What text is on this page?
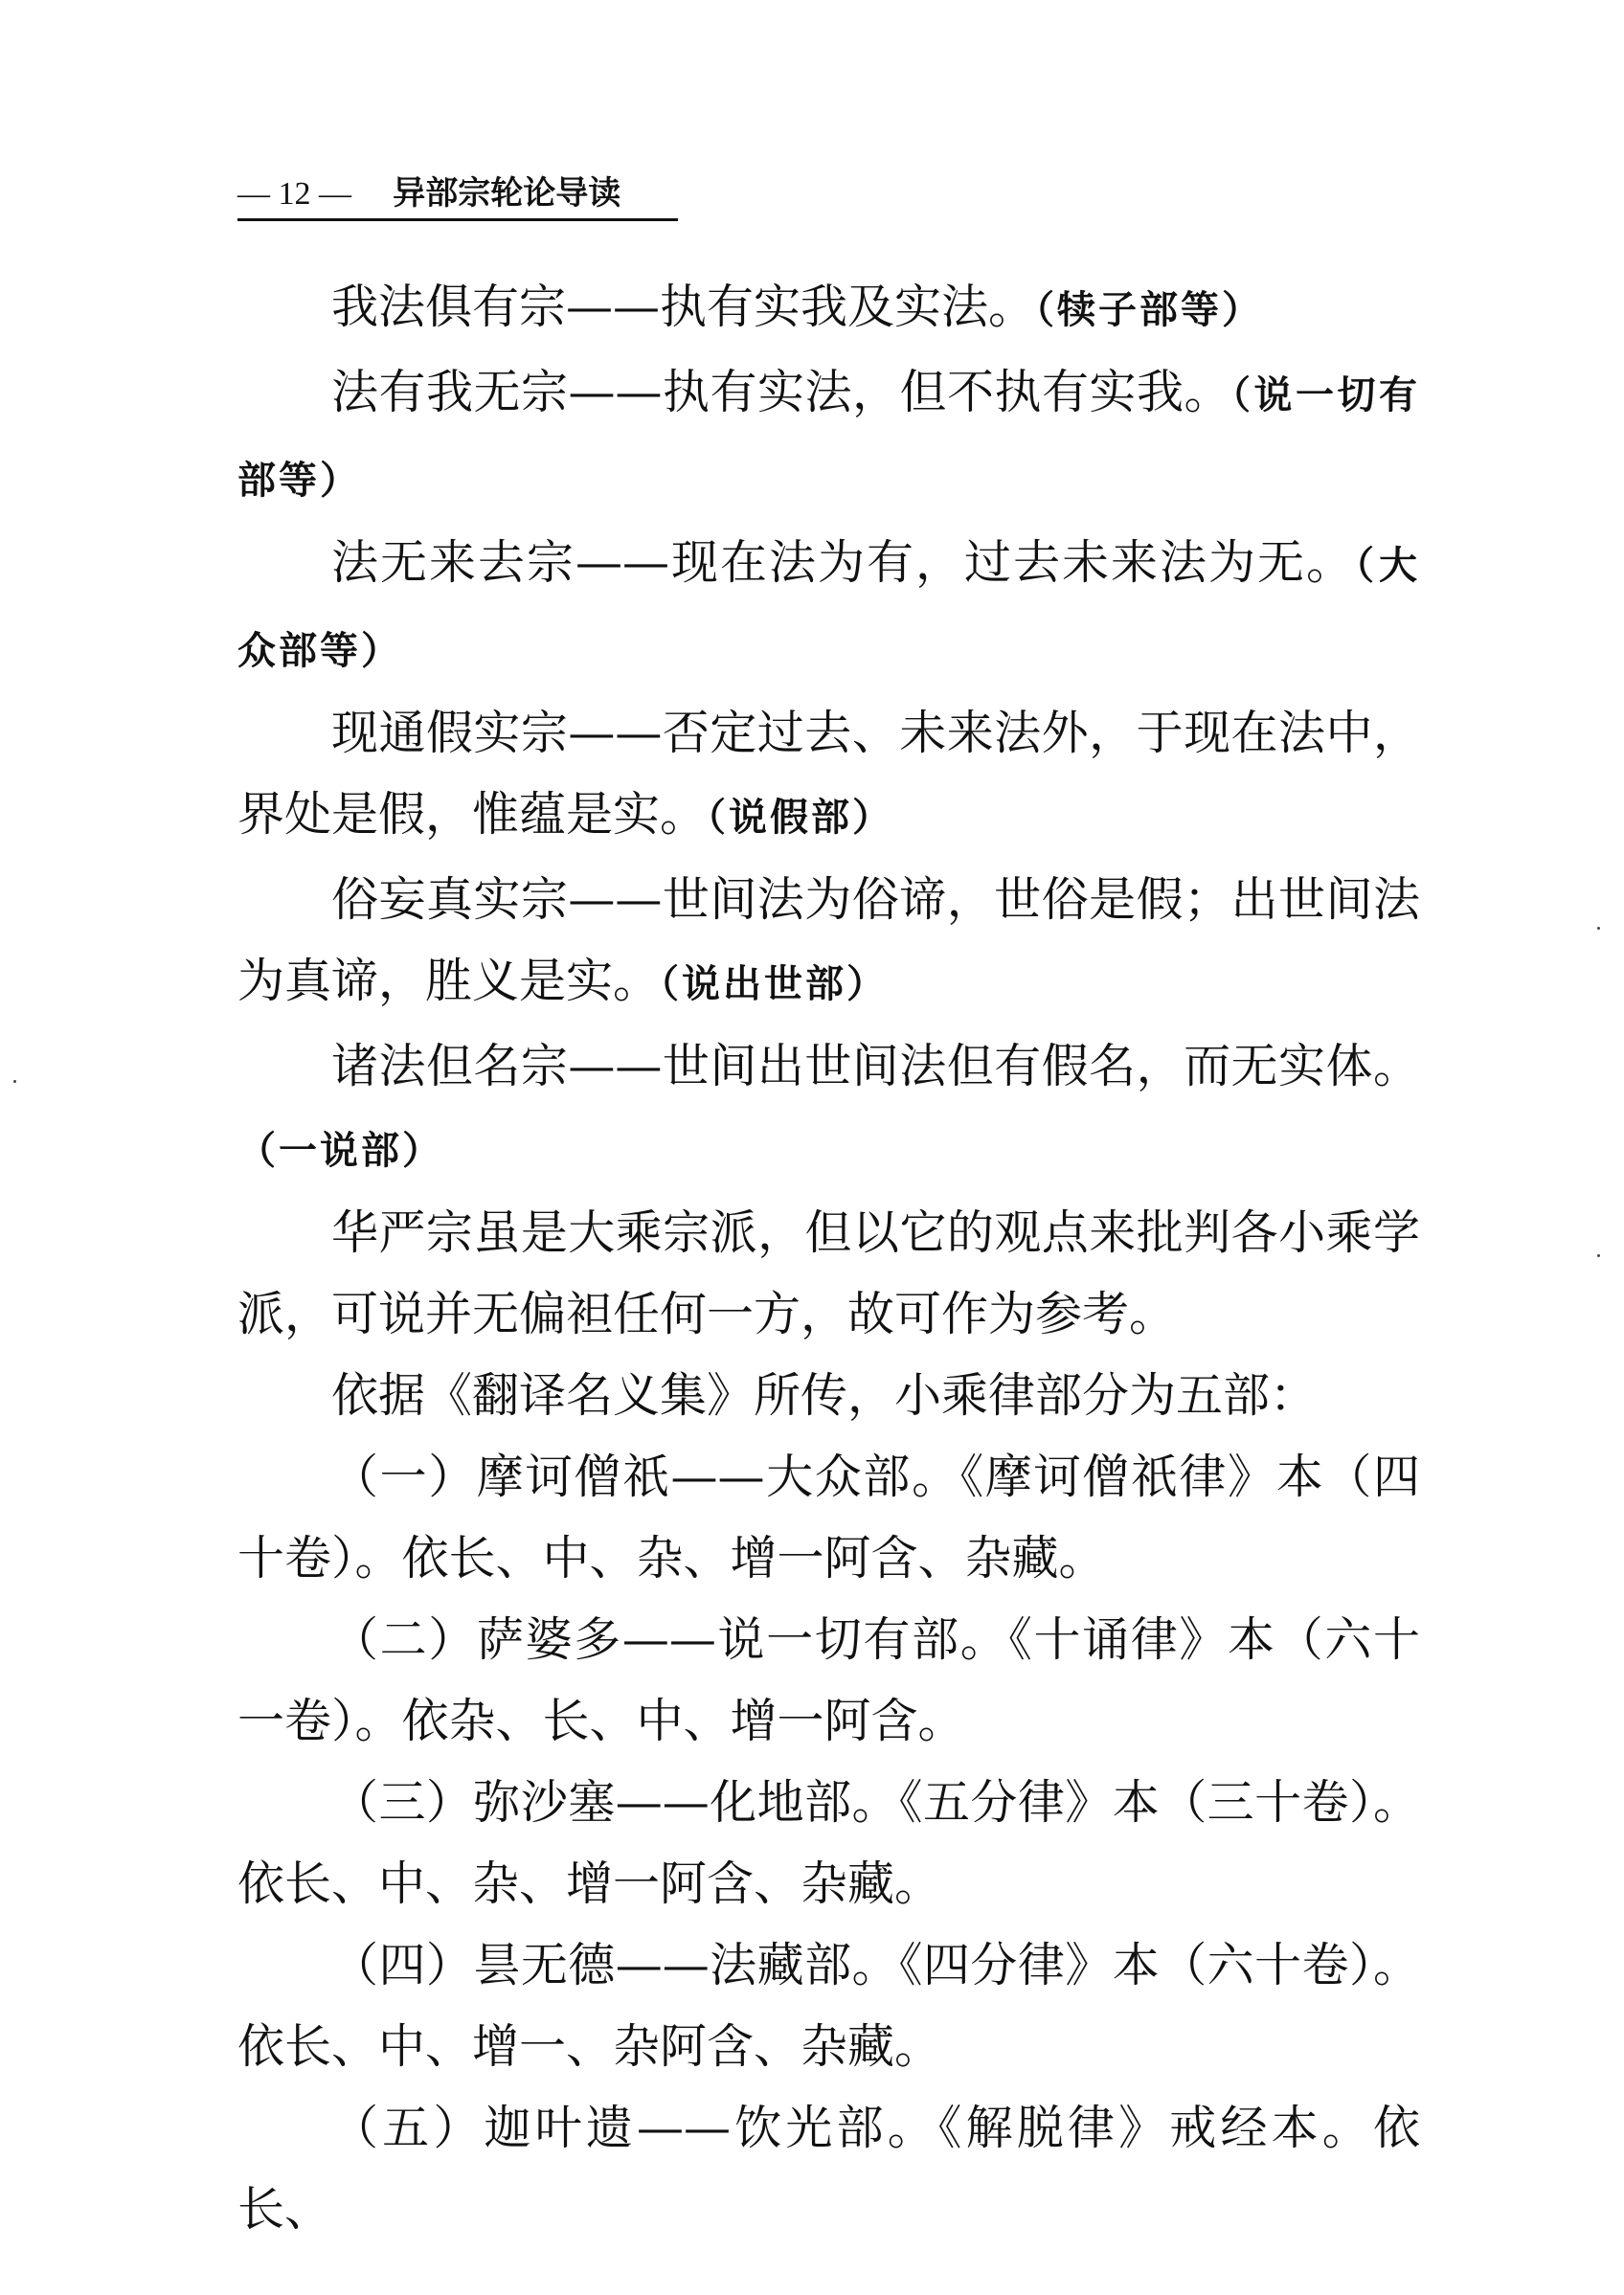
— 12 — 异部宗轮论导读

我法俱有宗——执有实我及实法。（犊子部等）

法有我无宗——执有实法，但不执有实我。（说一切有部等）

法无来去宗——现在法为有，过去未来法为无。（大众部等）

现通假实宗——否定过去、未来法外，于现在法中，界处是假，惟蕴是实。（说假部）

俗妄真实宗——世间法为俗谛，世俗是假；出世间法为真谛，胜义是实。（说出世部）

诸法但名宗——世间出世间法但有假名，而无实体。（一说部）

华严宗虽是大乘宗派，但以它的观点来批判各小乘学派，可说并无偏袒任何一方，故可作为参考。

依据《翻译名义集》所传，小乘律部分为五部：

（一）摩诃僧祇——大众部。《摩诃僧祇律》本（四十卷）。依长、中、杂、增一阿含、杂藏。

（二）萨婆多——说一切有部。《十诵律》本（六十一卷）。依杂、长、中、增一阿含。

（三）弥沙塞——化地部。《五分律》本（三十卷）。依长、中、杂、增一阿含、杂藏。

（四）昙无德——法藏部。《四分律》本（六十卷）。依长、中、增一、杂阿含、杂藏。

（五）迦叶遗——饮光部。《解脱律》戒经本。依长、
